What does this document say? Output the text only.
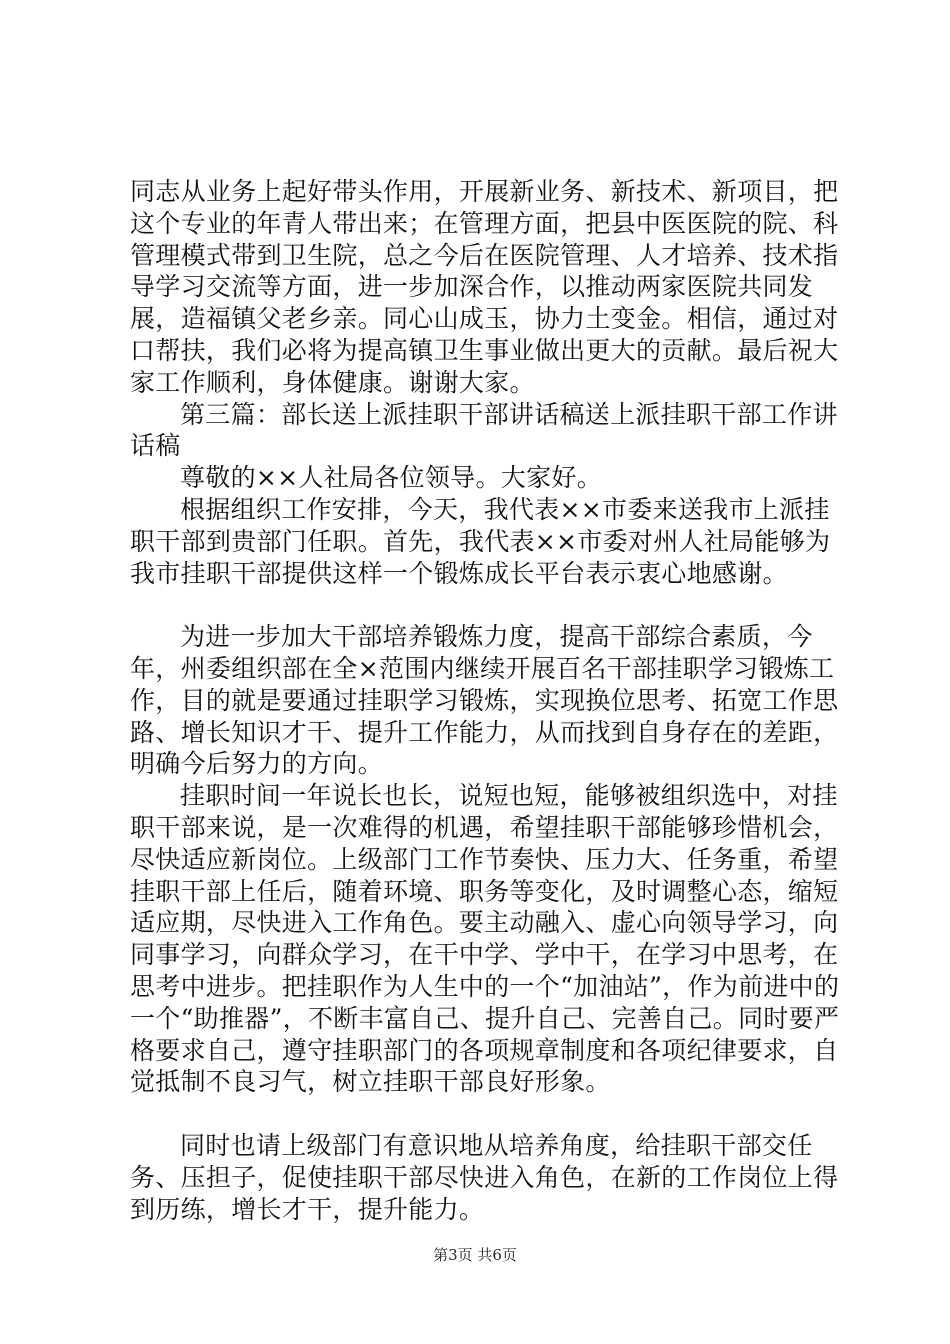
同志从业务上起好带头作用，开展新业务、新技术、新项目，把这个专业的年青人带出来；在管理方面，把县中医医院的院、科管理模式带到卫生院，总之今后在医院管理、人才培养、技术指导学习交流等方面，进一步加深合作，以推动两家医院共同发展，造福镇父老乡亲。同心山成玉，协力土变金。相信，通过对口帮扶，我们必将为提高镇卫生事业做出更大的贡献。最后祝大家工作顺利，身体健康。谢谢大家。

第三篇：部长送上派挂职干部讲话稿送上派挂职干部工作讲话稿

尊敬的××人社局各位领导。大家好。

根据组织工作安排，今天，我代表××市委来送我市上派挂职干部到贵部门任职。首先，我代表××市委对州人社局能够为我市挂职干部提供这样一个锻炼成长平台表示衷心地感谢。

为进一步加大干部培养锻炼力度，提高干部综合素质，今年，州委组织部在全×范围内继续开展百名干部挂职学习锻炼工作，目的就是要通过挂职学习锻炼，实现换位思考、拓宽工作思路、增长知识才干、提升工作能力，从而找到自身存在的差距，明确今后努力的方向。

挂职时间一年说长也长，说短也短，能够被组织选中，对挂职干部来说，是一次难得的机遇，希望挂职干部能够珍惜机会，尽快适应新岗位。上级部门工作节奏快、压力大、任务重，希望挂职干部上任后，随着环境、职务等变化，及时调整心态，缩短适应期，尽快进入工作角色。要主动融入、虚心向领导学习，向同事学习，向群众学习，在干中学、学中干，在学习中思考，在思考中进步。把挂职作为人生中的一个“加油站”，作为前进中的一个“助推器”，不断丰富自己、提升自己、完善自己。同时要严格要求自己，遵守挂职部门的各项规章制度和各项纪律要求，自觉抵制不良习气，树立挂职干部良好形象。

同时也请上级部门有意识地从培养角度，给挂职干部交任务、压担子，促使挂职干部尽快进入角色，在新的工作岗位上得到历练，增长才干，提升能力。

第3页 共6页
